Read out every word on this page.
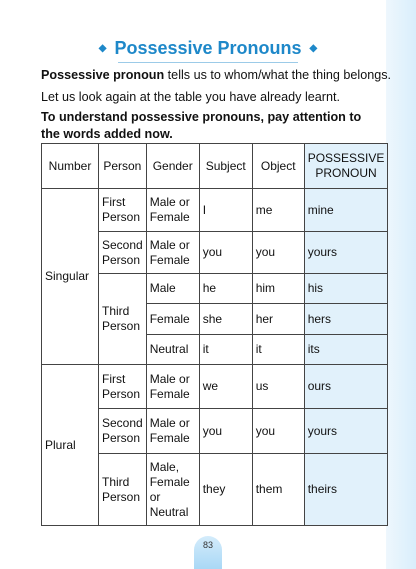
◆ Possessive Pronouns ◆
Possessive pronoun tells us to whom/what the thing belongs.
Let us look again at the table you have already learnt.
To understand possessive pronouns, pay attention to the words added now.
Number	Person	Gender	Subject	Object	POSSESSIVE PRONOUN
Singular	First Person	Male or Female	I	me	mine
	Second Person	Male or Female	you	you	yours
	Third Person	Male	he	him	his
		Female	she	her	hers
		Neutral	it	it	its
Plural	First Person	Male or Female	we	us	ours
	Second Person	Male or Female	you	you	yours
	Third Person	Male, Female or Neutral	they	them	theirs
83
